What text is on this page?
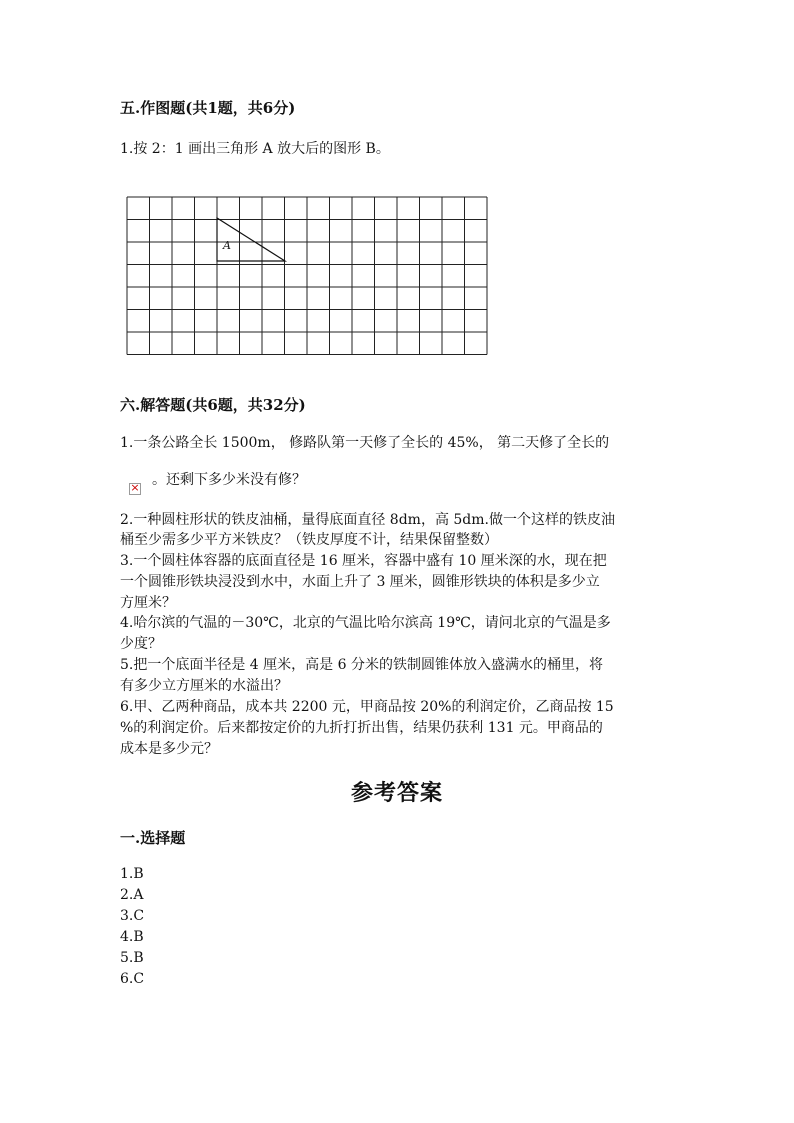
五.作图题(共1题，共6分)
1.按 2：1 画出三角形 A 放大后的图形 B。
A
六.解答题(共6题，共32分)
1.一条公路全长 1500m， 修路队第一天修了全长的 45%， 第二天修了全长的
× 。还剩下多少米没有修？
2.一种圆柱形状的铁皮油桶，量得底面直径 8dm，高 5dm.做一个这样的铁皮油
桶至少需多少平方米铁皮？（铁皮厚度不计，结果保留整数）
3.一个圆柱体容器的底面直径是 16 厘米，容器中盛有 10 厘米深的水，现在把
一个圆锥形铁块浸没到水中，水面上升了 3 厘米，圆锥形铁块的体积是多少立
方厘米？
4.哈尔滨的气温的－30℃，北京的气温比哈尔滨高 19℃，请问北京的气温是多
少度？
5.把一个底面半径是 4 厘米，高是 6 分米的铁制圆锥体放入盛满水的桶里，将
有多少立方厘米的水溢出？
6.甲、乙两种商品，成本共 2200 元，甲商品按 20%的利润定价，乙商品按 15
%的利润定价。后来都按定价的九折打折出售，结果仍获利 131 元。甲商品的
成本是多少元？
参考答案
一.选择题
1.B
2.A
3.C
4.B
5.B
6.C
